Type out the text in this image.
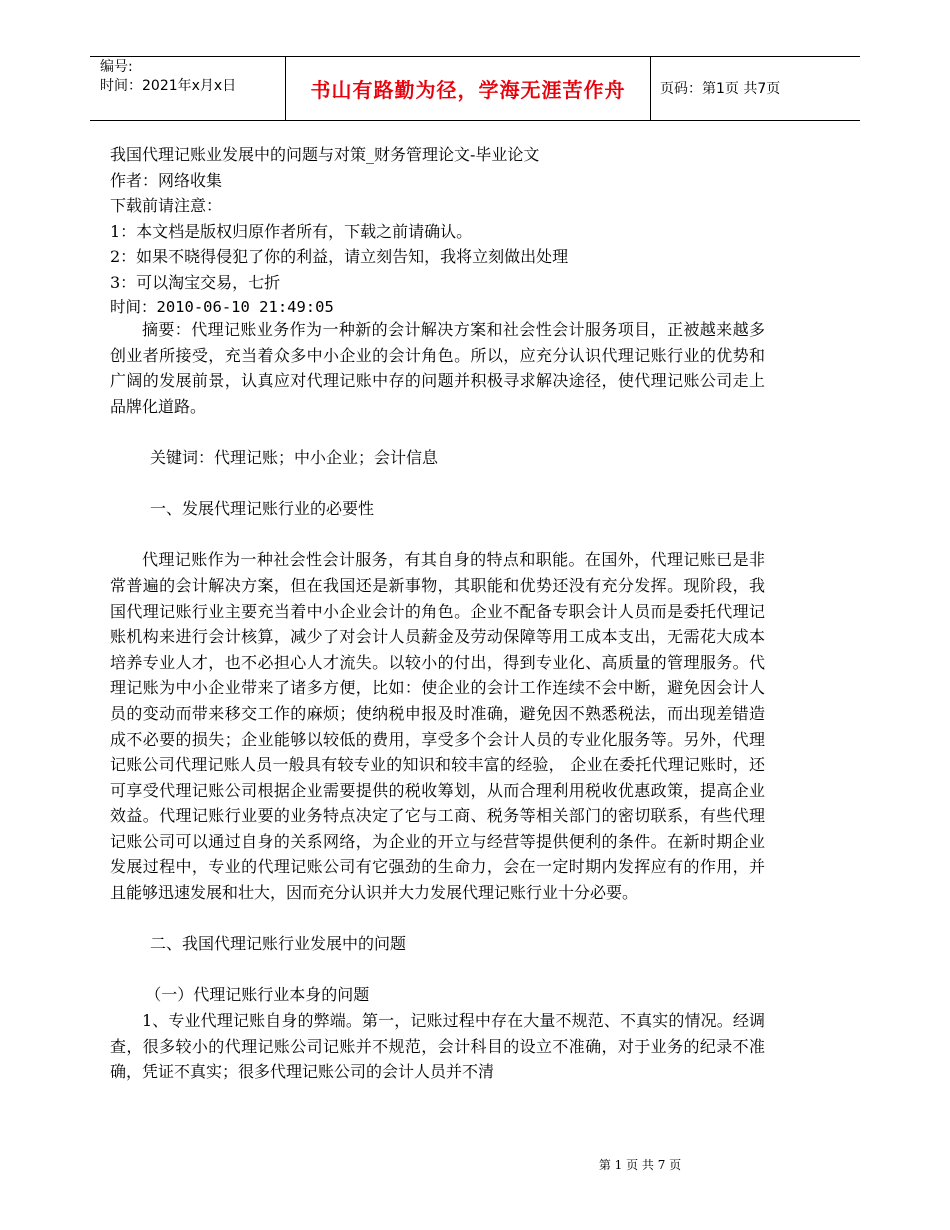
编号:
时间：2021年x月x日	书山有路勤为径，学海无涯苦作舟	页码：第1页 共7页
我国代理记账业发展中的问题与对策_财务管理论文-毕业论文
作者：网络收集
下载前请注意：
1：本文档是版权归原作者所有，下载之前请确认。
2：如果不晓得侵犯了你的利益，请立刻告知，我将立刻做出处理
3：可以淘宝交易，七折
时间：2010-06-10 21:49:05

摘要：代理记账业务作为一种新的会计解决方案和社会性会计服务项目，正被越来越多创业者所接受，充当着众多中小企业的会计角色。所以，应充分认识代理记账行业的优势和广阔的发展前景，认真应对代理记账中存的问题并积极寻求解决途径，使代理记账公司走上品牌化道路。

关键词：代理记账；中小企业；会计信息
一、发展代理记账行业的必要性

代理记账作为一种社会性会计服务，有其自身的特点和职能。在国外，代理记账已是非常普遍的会计解决方案，但在我国还是新事物，其职能和优势还没有充分发挥。现阶段，我国代理记账行业主要充当着中小企业会计的角色。企业不配备专职会计人员而是委托代理记账机构来进行会计核算，减少了对会计人员薪金及劳动保障等用工成本支出，无需花大成本培养专业人才，也不必担心人才流失。以较小的付出，得到专业化、高质量的管理服务。代理记账为中小企业带来了诸多方便，比如：使企业的会计工作连续不会中断，避免因会计人员的变动而带来移交工作的麻烦；使纳税申报及时准确，避免因不熟悉税法，而出现差错造成不必要的损失；企业能够以较低的费用，享受多个会计人员的专业化服务等。另外，代理记账公司代理记账人员一般具有较专业的知识和较丰富的经验， 企业在委托代理记账时，还可享受代理记账公司根据企业需要提供的税收筹划，从而合理利用税收优惠政策，提高企业效益。代理记账行业要的业务特点决定了它与工商、税务等相关部门的密切联系，有些代理记账公司可以通过自身的关系网络，为企业的开立与经营等提供便利的条件。在新时期企业发展过程中，专业的代理记账公司有它强劲的生命力，会在一定时期内发挥应有的作用，并且能够迅速发展和壮大，因而充分认识并大力发展代理记账行业十分必要。

二、我国代理记账行业发展中的问题
（一）代理记账行业本身的问题

1、专业代理记账自身的弊端。第一，记账过程中存在大量不规范、不真实的情况。经调查，很多较小的代理记账公司记账并不规范，会计科目的设立不准确，对于业务的纪录不准确，凭证不真实；很多代理记账公司的会计人员并不清

第 1 页 共 7 页
